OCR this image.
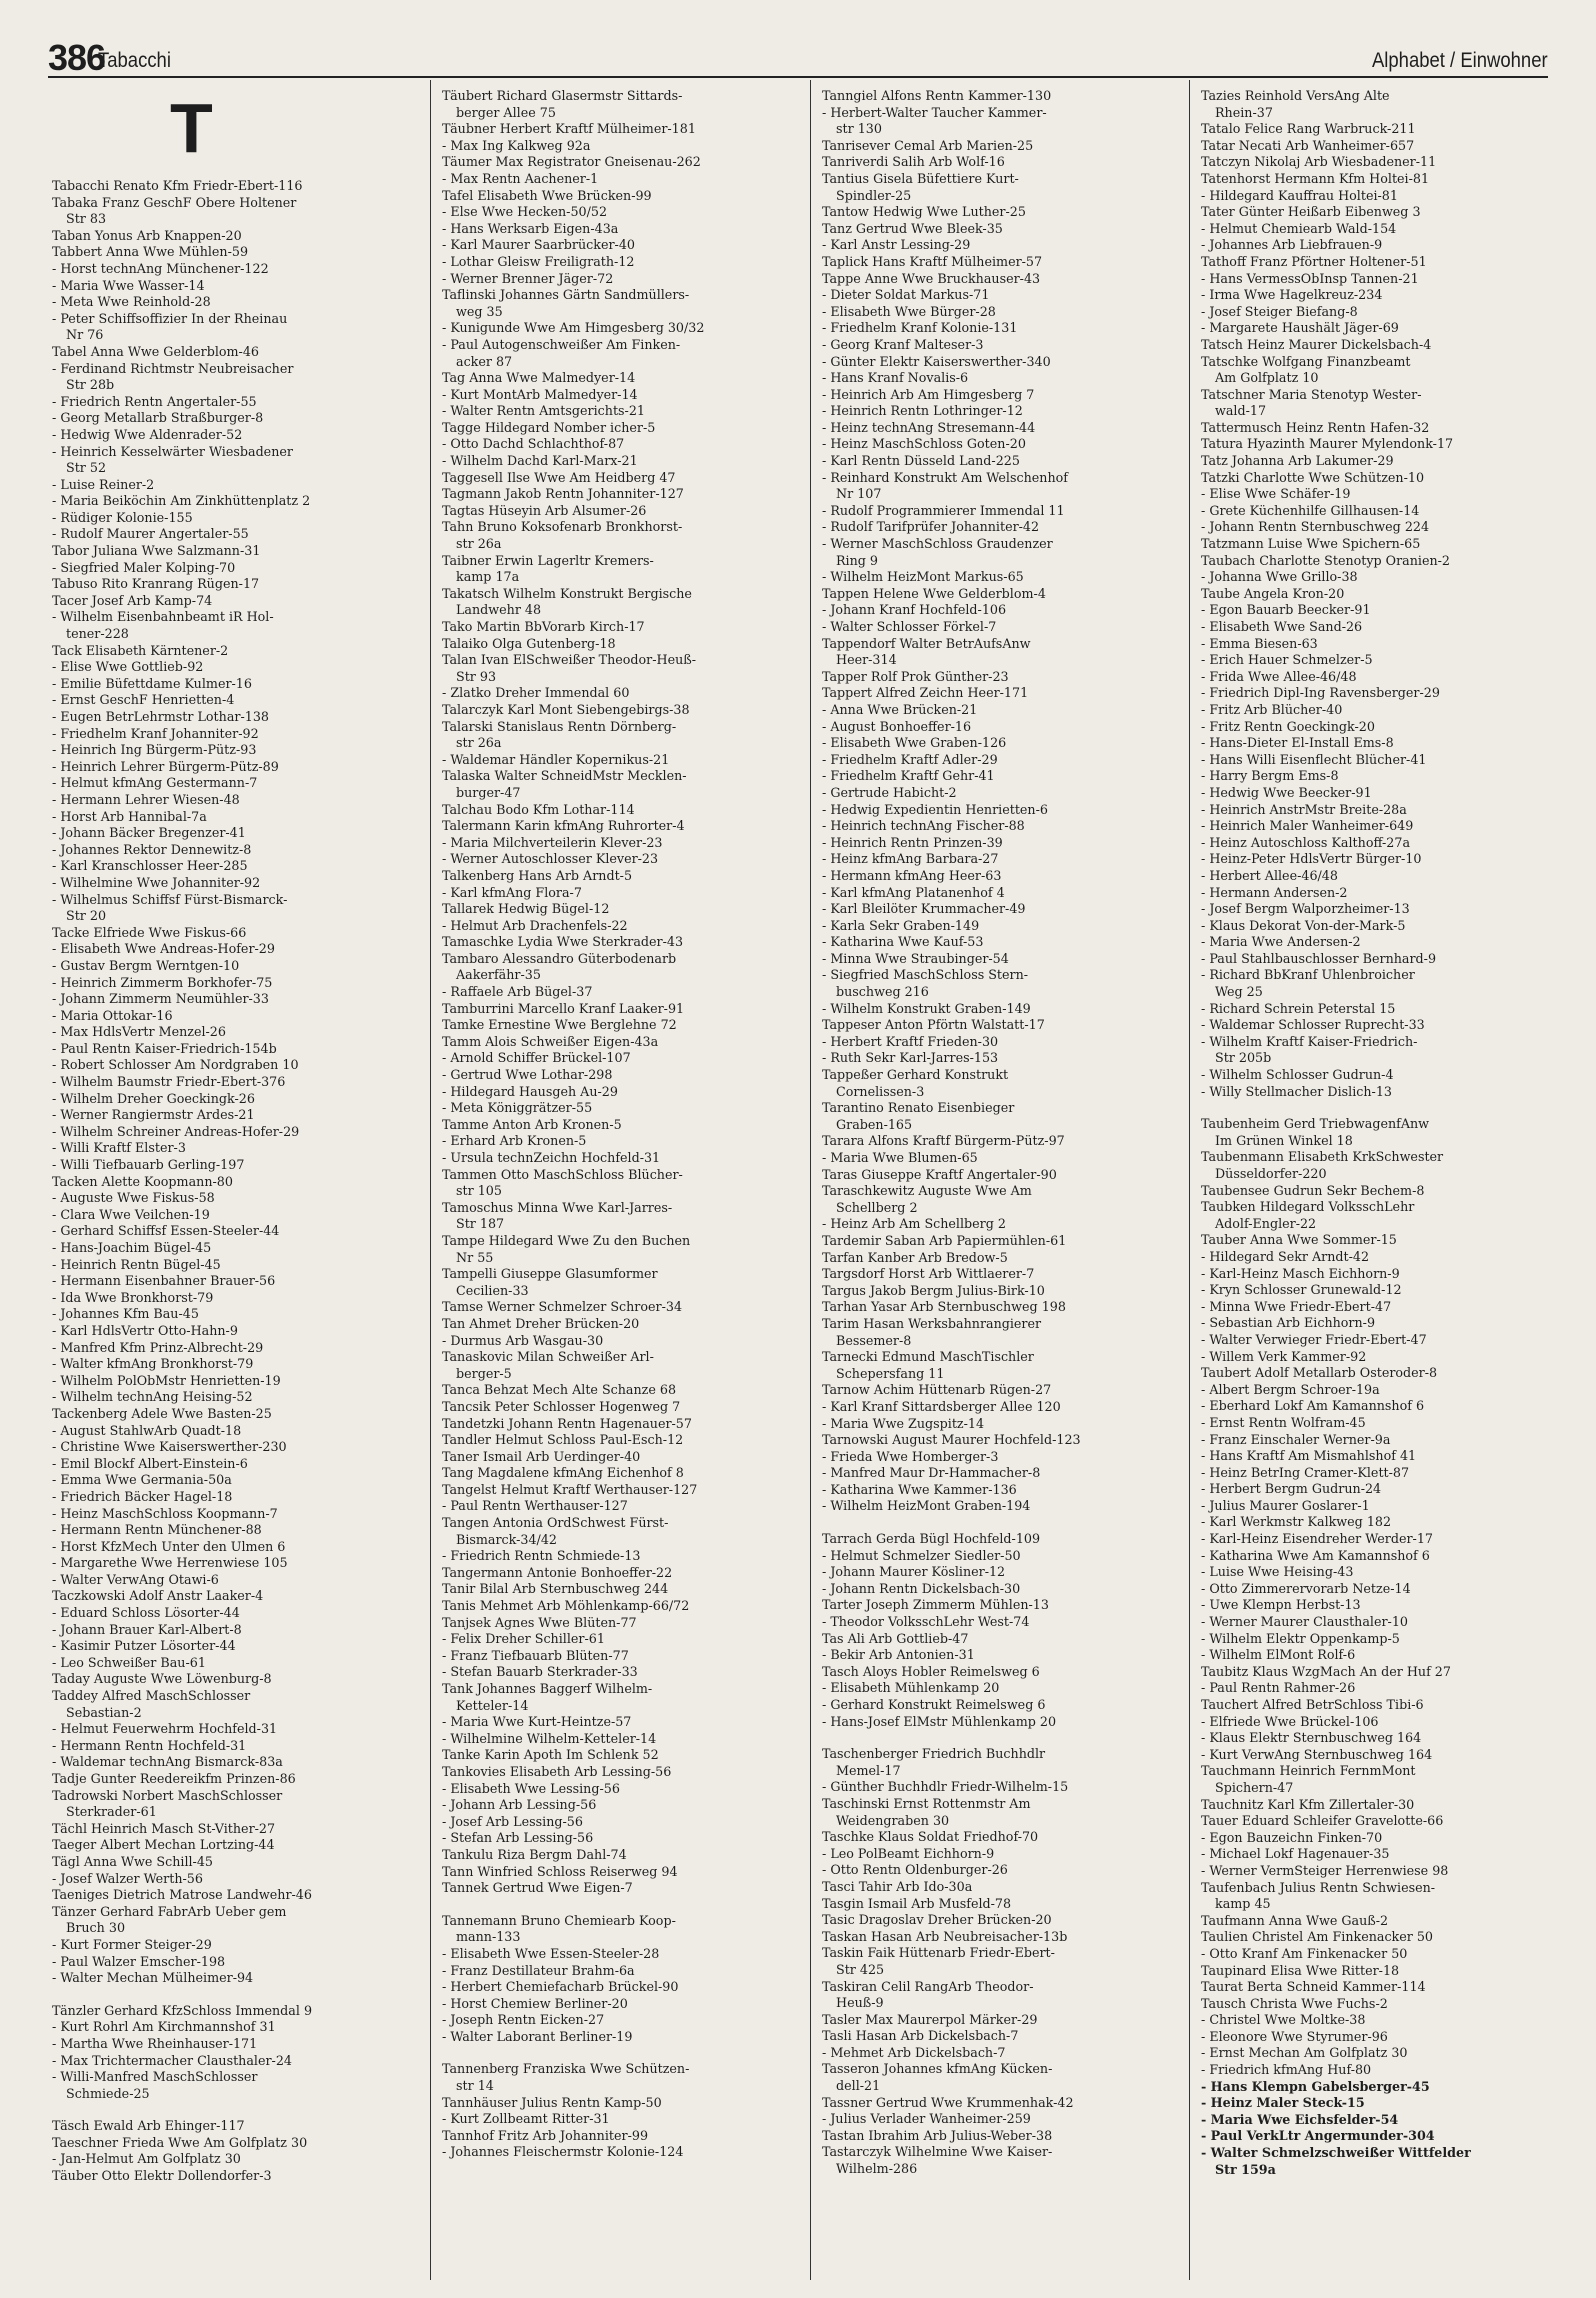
386
Tabacchi	Alphabet / Einwohner
T
Tabacchi Renato Kfm Friedr-Ebert-116
Tabaka Franz GeschF Obere Holtener
Str 83
Taban Yonus Arb Knappen-20
Tabbert Anna Wwe Mühlen-59
- Horst technAng Münchener-122
- Maria Wwe Wasser-14
- Meta Wwe Reinhold-28
- Peter Schiffsoffizier In der Rheinau
Nr 76
Tabel Anna Wwe Gelderblom-46
- Ferdinand Richtmstr Neubreisacher
Str 28b
- Friedrich Rentn Angertaler-55
- Georg Metallarb Straßburger-8
- Hedwig Wwe Aldenrader-52
- Heinrich Kesselwärter Wiesbadener
Str 52
- Luise Reiner-2
- Maria Beiköchin Am Zinkhüttenplatz 2
- Rüdiger Kolonie-155
- Rudolf Maurer Angertaler-55
Tabor Juliana Wwe Salzmann-31
- Siegfried Maler Kolping-70
Tabuso Rito Kranrang Rügen-17
Tacer Josef Arb Kamp-74
- Wilhelm Eisenbahnbeamt iR Hol-
tener-228
Tack Elisabeth Kärntener-2
- Elise Wwe Gottlieb-92
- Emilie Büfettdame Kulmer-16
- Ernst GeschF Henrietten-4
- Eugen BetrLehrmstr Lothar-138
- Friedhelm Kranf Johanniter-92
- Heinrich Ing Bürgerm-Pütz-93
- Heinrich Lehrer Bürgerm-Pütz-89
- Helmut kfmAng Gestermann-7
- Hermann Lehrer Wiesen-48
- Horst Arb Hannibal-7a
- Johann Bäcker Bregenzer-41
- Johannes Rektor Dennewitz-8
- Karl Kranschlosser Heer-285
- Wilhelmine Wwe Johanniter-92
- Wilhelmus Schiffsf Fürst-Bismarck-
Str 20
Tacke Elfriede Wwe Fiskus-66
- Elisabeth Wwe Andreas-Hofer-29
- Gustav Bergm Werntgen-10
- Heinrich Zimmerm Borkhofer-75
- Johann Zimmerm Neumühler-33
- Maria Ottokar-16
- Max HdlsVertr Menzel-26
- Paul Rentn Kaiser-Friedrich-154b
- Robert Schlosser Am Nordgraben 10
- Wilhelm Baumstr Friedr-Ebert-376
- Wilhelm Dreher Goeckingk-26
- Werner Rangiermstr Ardes-21
- Wilhelm Schreiner Andreas-Hofer-29
- Willi Kraftf Elster-3
- Willi Tiefbauarb Gerling-197
Tacken Alette Koopmann-80
- Auguste Wwe Fiskus-58
- Clara Wwe Veilchen-19
- Gerhard Schiffsf Essen-Steeler-44
- Hans-Joachim Bügel-45
- Heinrich Rentn Bügel-45
- Hermann Eisenbahner Brauer-56
- Ida Wwe Bronkhorst-79
- Johannes Kfm Bau-45
- Karl HdlsVertr Otto-Hahn-9
- Manfred Kfm Prinz-Albrecht-29
- Walter kfmAng Bronkhorst-79
- Wilhelm PolObMstr Henrietten-19
- Wilhelm technAng Heising-52
Tackenberg Adele Wwe Basten-25
- August StahlwArb Quadt-18
- Christine Wwe Kaiserswerther-230
- Emil Blockf Albert-Einstein-6
- Emma Wwe Germania-50a
- Friedrich Bäcker Hagel-18
- Heinz MaschSchloss Koopmann-7
- Hermann Rentn Münchener-88
- Horst KfzMech Unter den Ulmen 6
- Margarethe Wwe Herrenwiese 105
- Walter VerwAng Otawi-6
Taczkowski Adolf Anstr Laaker-4
- Eduard Schloss Lösorter-44
- Johann Brauer Karl-Albert-8
- Kasimir Putzer Lösorter-44
- Leo Schweißer Bau-61
Taday Auguste Wwe Löwenburg-8
Taddey Alfred MaschSchlosser
Sebastian-2
- Helmut Feuerwehrm Hochfeld-31
- Hermann Rentn Hochfeld-31
- Waldemar technAng Bismarck-83a
Tadje Gunter Reedereikfm Prinzen-86
Tadrowski Norbert MaschSchlosser
Sterkrader-61
Tächl Heinrich Masch St-Vither-27
Taeger Albert Mechan Lortzing-44
Tägl Anna Wwe Schill-45
- Josef Walzer Werth-56
Taeniges Dietrich Matrose Landwehr-46
Tänzer Gerhard FabrArb Ueber gem
Bruch 30
- Kurt Former Steiger-29
- Paul Walzer Emscher-198
- Walter Mechan Mülheimer-94
Tänzler Gerhard KfzSchloss Immendal 9
- Kurt Rohrl Am Kirchmannshof 31
- Martha Wwe Rheinhauser-171
- Max Trichtermacher Clausthaler-24
- Willi-Manfred MaschSchlosser
Schmiede-25
Täsch Ewald Arb Ehinger-117
Taeschner Frieda Wwe Am Golfplatz 30
- Jan-Helmut Am Golfplatz 30
Täuber Otto Elektr Dollendorfer-3
Täubert Richard Glasermstr Sittards-
berger Allee 75
Täubner Herbert Kraftf Mülheimer-181
- Max Ing Kalkweg 92a
Täumer Max Registrator Gneisenau-262
- Max Rentn Aachener-1
Tafel Elisabeth Wwe Brücken-99
- Else Wwe Hecken-50/52
- Hans Werksarb Eigen-43a
- Karl Maurer Saarbrücker-40
- Lothar Gleisw Freiligrath-12
- Werner Brenner Jäger-72
Taflinski Johannes Gärtn Sandmüllers-
weg 35
- Kunigunde Wwe Am Himgesberg 30/32
- Paul Autogenschweißer Am Finken-
acker 87
Tag Anna Wwe Malmedyer-14
- Kurt MontArb Malmedyer-14
- Walter Rentn Amtsgerichts-21
Tagge Hildegard Nomber icher-5
- Otto Dachd Schlachthof-87
- Wilhelm Dachd Karl-Marx-21
Taggesell Ilse Wwe Am Heidberg 47
Tagmann Jakob Rentn Johanniter-127
Tagtas Hüseyin Arb Alsumer-26
Tahn Bruno Koksofenarb Bronkhorst-
str 26a
Taibner Erwin Lagerltr Kremers-
kamp 17a
Takatsch Wilhelm Konstrukt Bergische
Landwehr 48
Tako Martin BbVorarb Kirch-17
Talaiko Olga Gutenberg-18
Talan Ivan ElSchweißer Theodor-Heuß-
Str 93
- Zlatko Dreher Immendal 60
Talarczyk Karl Mont Siebengebirgs-38
Talarski Stanislaus Rentn Dörnberg-
str 26a
- Waldemar Händler Kopernikus-21
Talaska Walter SchneidMstr Mecklen-
burger-47
Talchau Bodo Kfm Lothar-114
Talermann Karin kfmAng Ruhrorter-4
- Maria Milchverteilerin Klever-23
- Werner Autoschlosser Klever-23
Talkenberg Hans Arb Arndt-5
- Karl kfmAng Flora-7
Tallarek Hedwig Bügel-12
- Helmut Arb Drachenfels-22
Tamaschke Lydia Wwe Sterkrader-43
Tambaro Alessandro Güterbodenarb
Aakerfähr-35
- Raffaele Arb Bügel-37
Tamburrini Marcello Kranf Laaker-91
Tamke Ernestine Wwe Berglehne 72
Tamm Alois Schweißer Eigen-43a
- Arnold Schiffer Brückel-107
- Gertrud Wwe Lothar-298
- Hildegard Hausgeh Au-29
- Meta Königgrätzer-55
Tamme Anton Arb Kronen-5
- Erhard Arb Kronen-5
- Ursula technZeichn Hochfeld-31
Tammen Otto MaschSchloss Blücher-
str 105
Tamoschus Minna Wwe Karl-Jarres-
Str 187
Tampe Hildegard Wwe Zu den Buchen
Nr 55
Tampelli Giuseppe Glasumformer
Cecilien-33
Tamse Werner Schmelzer Schroer-34
Tan Ahmet Dreher Brücken-20
- Durmus Arb Wasgau-30
Tanaskovic Milan Schweißer Arl-
berger-5
Tanca Behzat Mech Alte Schanze 68
Tancsik Peter Schlosser Hogenweg 7
Tandetzki Johann Rentn Hagenauer-57
Tandler Helmut Schloss Paul-Esch-12
Taner Ismail Arb Uerdinger-40
Tang Magdalene kfmAng Eichenhof 8
Tangelst Helmut Kraftf Werthauser-127
- Paul Rentn Werthauser-127
Tangen Antonia OrdSchwest Fürst-
Bismarck-34/42
- Friedrich Rentn Schmiede-13
Tangermann Antonie Bonhoeffer-22
Tanir Bilal Arb Sternbuschweg 244
Tanis Mehmet Arb Möhlenkamp-66/72
Tanjsek Agnes Wwe Blüten-77
- Felix Dreher Schiller-61
- Franz Tiefbauarb Blüten-77
- Stefan Bauarb Sterkrader-33
Tank Johannes Baggerf Wilhelm-
Ketteler-14
- Maria Wwe Kurt-Heintze-57
- Wilhelmine Wilhelm-Ketteler-14
Tanke Karin Apoth Im Schlenk 52
Tankovies Elisabeth Arb Lessing-56
- Elisabeth Wwe Lessing-56
- Johann Arb Lessing-56
- Josef Arb Lessing-56
- Stefan Arb Lessing-56
Tankulu Riza Bergm Dahl-74
Tann Winfried Schloss Reiserweg 94
Tannek Gertrud Wwe Eigen-7
Tannemann Bruno Chemiearb Koop-
mann-133
- Elisabeth Wwe Essen-Steeler-28
- Franz Destillateur Brahm-6a
- Herbert Chemiefacharb Brückel-90
- Horst Chemiew Berliner-20
- Joseph Rentn Eicken-27
- Walter Laborant Berliner-19
Tannenberg Franziska Wwe Schützen-
str 14
Tannhäuser Julius Rentn Kamp-50
- Kurt Zollbeamt Ritter-31
Tannhof Fritz Arb Johanniter-99
- Johannes Fleischermstr Kolonie-124
Tanngiel Alfons Rentn Kammer-130
- Herbert-Walter Taucher Kammer-
str 130
Tanrisever Cemal Arb Marien-25
Tanriverdi Salih Arb Wolf-16
Tantius Gisela Büfettiere Kurt-
Spindler-25
Tantow Hedwig Wwe Luther-25
Tanz Gertrud Wwe Bleek-35
- Karl Anstr Lessing-29
Taplick Hans Kraftf Mülheimer-57
Tappe Anne Wwe Bruckhauser-43
- Dieter Soldat Markus-71
- Elisabeth Wwe Bürger-28
- Friedhelm Kranf Kolonie-131
- Georg Kranf Malteser-3
- Günter Elektr Kaiserswerther-340
- Hans Kranf Novalis-6
- Heinrich Arb Am Himgesberg 7
- Heinrich Rentn Lothringer-12
- Heinz technAng Stresemann-44
- Heinz MaschSchloss Goten-20
- Karl Rentn Düsseld Land-225
- Reinhard Konstrukt Am Welschenhof
Nr 107
- Rudolf Programmierer Immendal 11
- Rudolf Tarifprüfer Johanniter-42
- Werner MaschSchloss Graudenzer
Ring 9
- Wilhelm HeizMont Markus-65
Tappen Helene Wwe Gelderblom-4
- Johann Kranf Hochfeld-106
- Walter Schlosser Förkel-7
Tappendorf Walter BetrAufsAnw
Heer-314
Tapper Rolf Prok Günther-23
Tappert Alfred Zeichn Heer-171
- Anna Wwe Brücken-21
- August Bonhoeffer-16
- Elisabeth Wwe Graben-126
- Friedhelm Kraftf Adler-29
- Friedhelm Kraftf Gehr-41
- Gertrude Habicht-2
- Hedwig Expedientin Henrietten-6
- Heinrich technAng Fischer-88
- Heinrich Rentn Prinzen-39
- Heinz kfmAng Barbara-27
- Hermann kfmAng Heer-63
- Karl kfmAng Platanenhof 4
- Karl Bleilöter Krummacher-49
- Karla Sekr Graben-149
- Katharina Wwe Kauf-53
- Minna Wwe Straubinger-54
- Siegfried MaschSchloss Stern-
buschweg 216
- Wilhelm Konstrukt Graben-149
Tappeser Anton Pförtn Walstatt-17
- Herbert Kraftf Frieden-30
- Ruth Sekr Karl-Jarres-153
Tappeßer Gerhard Konstrukt
Cornelissen-3
Tarantino Renato Eisenbieger
Graben-165
Tarara Alfons Kraftf Bürgerm-Pütz-97
- Maria Wwe Blumen-65
Taras Giuseppe Kraftf Angertaler-90
Taraschkewitz Auguste Wwe Am
Schellberg 2
- Heinz Arb Am Schellberg 2
Tardemir Saban Arb Papiermühlen-61
Tarfan Kanber Arb Bredow-5
Targsdorf Horst Arb Wittlaerer-7
Targus Jakob Bergm Julius-Birk-10
Tarhan Yasar Arb Sternbuschweg 198
Tarim Hasan Werksbahnrangierer
Bessemer-8
Tarnecki Edmund MaschTischler
Schepersfang 11
Tarnow Achim Hüttenarb Rügen-27
- Karl Kranf Sittardsberger Allee 120
- Maria Wwe Zugspitz-14
Tarnowski August Maurer Hochfeld-123
- Frieda Wwe Homberger-3
- Manfred Maur Dr-Hammacher-8
- Katharina Wwe Kammer-136
- Wilhelm HeizMont Graben-194
Tarrach Gerda Bügl Hochfeld-109
- Helmut Schmelzer Siedler-50
- Johann Maurer Kösliner-12
- Johann Rentn Dickelsbach-30
Tarter Joseph Zimmerm Mühlen-13
- Theodor VolksschLehr West-74
Tas Ali Arb Gottlieb-47
- Bekir Arb Antonien-31
Tasch Aloys Hobler Reimelsweg 6
- Elisabeth Mühlenkamp 20
- Gerhard Konstrukt Reimelsweg 6
- Hans-Josef ElMstr Mühlenkamp 20
Taschenberger Friedrich Buchhdlr
Memel-17
- Günther Buchhdlr Friedr-Wilhelm-15
Taschinski Ernst Rottenmstr Am
Weidengraben 30
Taschke Klaus Soldat Friedhof-70
- Leo PolBeamt Eichhorn-9
- Otto Rentn Oldenburger-26
Tasci Tahir Arb Ido-30a
Tasgin Ismail Arb Musfeld-78
Tasic Dragoslav Dreher Brücken-20
Taskan Hasan Arb Neubreisacher-13b
Taskin Faik Hüttenarb Friedr-Ebert-
Str 425
Taskiran Celil RangArb Theodor-
Heuß-9
Tasler Max Maurerpol Märker-29
Tasli Hasan Arb Dickelsbach-7
- Mehmet Arb Dickelsbach-7
Tasseron Johannes kfmAng Kücken-
dell-21
Tassner Gertrud Wwe Krummenhak-42
- Julius Verlader Wanheimer-259
Tastan Ibrahim Arb Julius-Weber-38
Tastarczyk Wilhelmine Wwe Kaiser-
Wilhelm-286
Tazies Reinhold VersAng Alte
Rhein-37
Tatalo Felice Rang Warbruck-211
Tatar Necati Arb Wanheimer-657
Tatczyn Nikolaj Arb Wiesbadener-11
Tatenhorst Hermann Kfm Holtei-81
- Hildegard Kauffrau Holtei-81
Tater Günter Heißarb Eibenweg 3
- Helmut Chemiearb Wald-154
- Johannes Arb Liebfrauen-9
Tathoff Franz Pförtner Holtener-51
- Hans VermessObInsp Tannen-21
- Irma Wwe Hagelkreuz-234
- Josef Steiger Biefang-8
- Margarete Haushält Jäger-69
Tatsch Heinz Maurer Dickelsbach-4
Tatschke Wolfgang Finanzbeamt
Am Golfplatz 10
Tatschner Maria Stenotyp Wester-
wald-17
Tattermusch Heinz Rentn Hafen-32
Tatura Hyazinth Maurer Mylendonk-17
Tatz Johanna Arb Lakumer-29
Tatzki Charlotte Wwe Schützen-10
- Elise Wwe Schäfer-19
- Grete Küchenhilfe Gillhausen-14
- Johann Rentn Sternbuschweg 224
Tatzmann Luise Wwe Spichern-65
Taubach Charlotte Stenotyp Oranien-2
- Johanna Wwe Grillo-38
Taube Angela Kron-20
- Egon Bauarb Beecker-91
- Elisabeth Wwe Sand-26
- Emma Biesen-63
- Erich Hauer Schmelzer-5
- Frida Wwe Allee-46/48
- Friedrich Dipl-Ing Ravensberger-29
- Fritz Arb Blücher-40
- Fritz Rentn Goeckingk-20
- Hans-Dieter El-Install Ems-8
- Hans Willi Eisenflecht Blücher-41
- Harry Bergm Ems-8
- Hedwig Wwe Beecker-91
- Heinrich AnstrMstr Breite-28a
- Heinrich Maler Wanheimer-649
- Heinz Autoschloss Kalthoff-27a
- Heinz-Peter HdlsVertr Bürger-10
- Herbert Allee-46/48
- Hermann Andersen-2
- Josef Bergm Walporzheimer-13
- Klaus Dekorat Von-der-Mark-5
- Maria Wwe Andersen-2
- Paul Stahlbauschlosser Bernhard-9
- Richard BbKranf Uhlenbroicher
Weg 25
- Richard Schrein Peterstal 15
- Waldemar Schlosser Ruprecht-33
- Wilhelm Kraftf Kaiser-Friedrich-
Str 205b
- Wilhelm Schlosser Gudrun-4
- Willy Stellmacher Dislich-13
Taubenheim Gerd TriebwagenfAnw
Im Grünen Winkel 18
Taubenmann Elisabeth KrkSchwester
Düsseldorfer-220
Taubensee Gudrun Sekr Bechem-8
Taubken Hildegard VolksschLehr
Adolf-Engler-22
Tauber Anna Wwe Sommer-15
- Hildegard Sekr Arndt-42
- Karl-Heinz Masch Eichhorn-9
- Kryn Schlosser Grunewald-12
- Minna Wwe Friedr-Ebert-47
- Sebastian Arb Eichhorn-9
- Walter Verwieger Friedr-Ebert-47
- Willem Verk Kammer-92
Taubert Adolf Metallarb Osteroder-8
- Albert Bergm Schroer-19a
- Eberhard Lokf Am Kamannshof 6
- Ernst Rentn Wolfram-45
- Franz Einschaler Werner-9a
- Hans Kraftf Am Mismahlshof 41
- Heinz BetrIng Cramer-Klett-87
- Herbert Bergm Gudrun-24
- Julius Maurer Goslarer-1
- Karl Werkmstr Kalkweg 182
- Karl-Heinz Eisendreher Werder-17
- Katharina Wwe Am Kamannshof 6
- Luise Wwe Heising-43
- Otto Zimmerervorarb Netze-14
- Uwe Klempn Herbst-13
- Werner Maurer Clausthaler-10
- Wilhelm Elektr Oppenkamp-5
- Wilhelm ElMont Rolf-6
Taubitz Klaus WzgMach An der Huf 27
- Paul Rentn Rahmer-26
Tauchert Alfred BetrSchloss Tibi-6
- Elfriede Wwe Brückel-106
- Klaus Elektr Sternbuschweg 164
- Kurt VerwAng Sternbuschweg 164
Tauchmann Heinrich FernmMont
Spichern-47
Tauchnitz Karl Kfm Zillertaler-30
Tauer Eduard Schleifer Gravelotte-66
- Egon Bauzeichn Finken-70
- Michael Lokf Hagenauer-35
- Werner VermSteiger Herrenwiese 98
Taufenbach Julius Rentn Schwiesen-
kamp 45
Taufmann Anna Wwe Gauß-2
Taulien Christel Am Finkenacker 50
- Otto Kranf Am Finkenacker 50
Taupinard Elisa Wwe Ritter-18
Taurat Berta Schneid Kammer-114
Tausch Christa Wwe Fuchs-2
- Christel Wwe Moltke-38
- Eleonore Wwe Styrumer-96
- Ernst Mechan Am Golfplatz 30
- Friedrich kfmAng Huf-80
- Hans Klempn Gabelsberger-45
- Heinz Maler Steck-15
- Maria Wwe Eichsfelder-54
- Paul VerkLtr Angermunder-304
- Walter Schmelzschweißer Wittfelder
Str 159a
